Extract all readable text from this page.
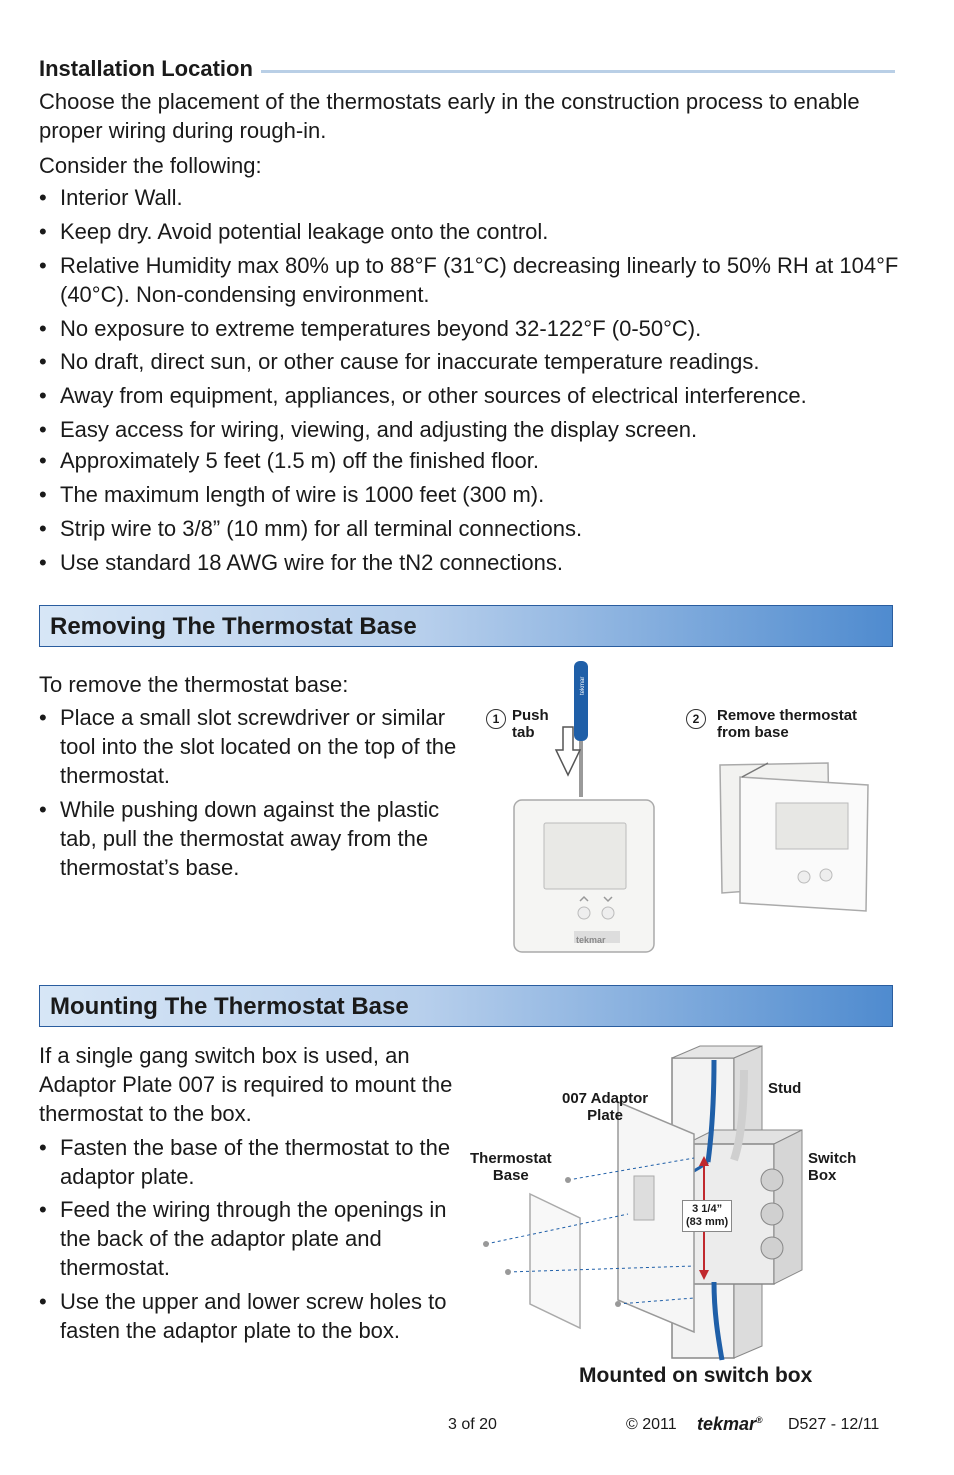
Installation Location
Choose the placement of the thermostats early in the construction process to enable proper wiring during rough-in.
Consider the following:
• Interior Wall.
• Keep dry. Avoid potential leakage onto the control.
• Relative Humidity max 80% up to 88°F (31°C) decreasing linearly to 50% RH at 104°F (40°C). Non-condensing environment.
• No exposure to extreme temperatures beyond 32-122°F (0-50°C).
• No draft, direct sun, or other cause for inaccurate temperature readings.
• Away from equipment, appliances, or other sources of electrical interference.
• Easy access for wiring, viewing, and adjusting the display screen.
• Approximately 5 feet (1.5 m) off the finished floor.
• The maximum length of wire is 1000 feet (300 m).
• Strip wire to 3/8” (10 mm) for all terminal connections.
• Use standard 18 AWG wire for the tN2 connections.
Removing The Thermostat Base
To remove the thermostat base:
• Place a small slot screwdriver or similar tool into the slot located on the top of the thermostat.
• While pushing down against the plastic tab, pull the thermostat away from the thermostat’s base.
tekmar
1 Push
tab
2	Remove thermostat
from base
tekmar
Mounting The Thermostat Base
If a single gang switch box is used, an Adaptor Plate 007 is required to mount the thermostat to the box.
• Fasten the base of the thermostat to the adaptor plate.
• Feed the wiring through the openings in the back of the adaptor plate and thermostat.
• Use the upper and lower screw holes to fasten the adaptor plate to the box.
007 Adaptor
Plate
Stud
Thermostat
Base
Switch
Box
3 1/4”
(83 mm)
Mounted on switch box
3 of 20	© 2011 tekmar® D527 - 12/11
